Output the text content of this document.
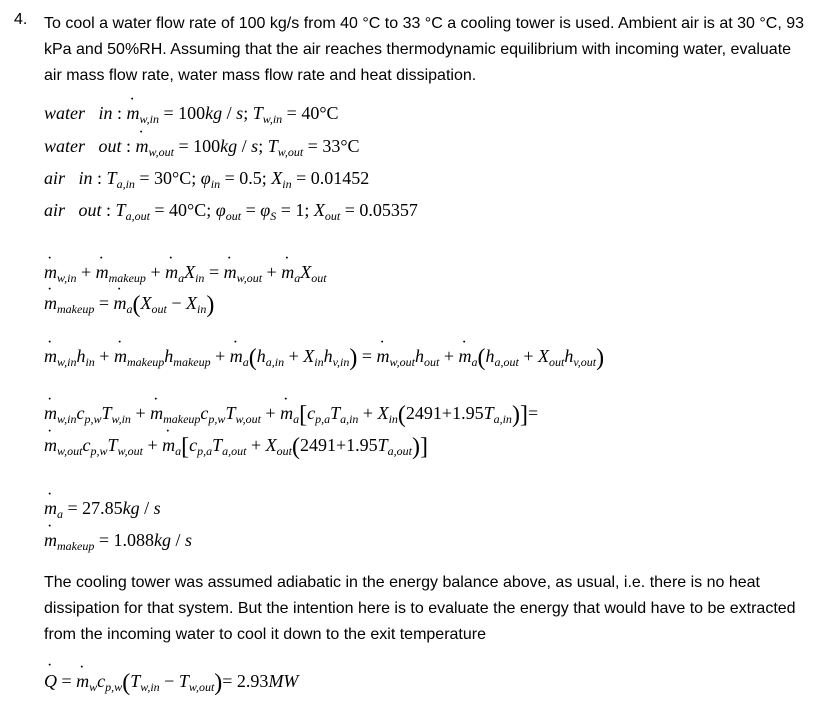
4. To cool a water flow rate of 100 kg/s from 40 °C to 33 °C a cooling tower is used. Ambient air is at 30 °C, 93 kPa and 50%RH. Assuming that the air reaches thermodynamic equilibrium with incoming water, evaluate air mass flow rate, water mass flow rate and heat dissipation.
water in : $m \cdot_{w,in} = 100kg / s$; $T_{w,in} = 40^\circ C$
water out : $m \cdot_{w,out} = 100kg / s$; $T_{w,out} = 33^\circ C$
air in : $T_{a,in} = 30^\circ C$; $\varphi_{in} = 0.5$; $X_{in} = 0.01452$
air out : $T_{a,out} = 40^\circ C$; $\varphi_{out} = \varphi_S = 1$; $X_{out} = 0.05357$
$m \cdot_{w,in} + m \cdot_{makeup} + m \cdot_aX_{in} = m \cdot_{w,out} + m \cdot_aX_{out}$
$m \cdot_{makeup} = m \cdot_a(X_{out} - X_{in})$
$m \cdot_{w,in}h_{in} + m \cdot_{makeup}h_{makeup} + m \cdot_a(h_{a,in} + X_{in}h_{v,in}) = m \cdot_{w,out}h_{out} + m \cdot_a(h_{a,out} + X_{out}h_{v,out})$
$m \cdot_{w,in}c_{p,w}T_{w,in} + m \cdot_{makeup}c_{p,w}T_{w,out} + m \cdot_a[c_{p,a}T_{a,in} + X_{in}(2491+1.95T_{a,in})]=$
$m \cdot_{w,out}c_{p,w}T_{w,out} + m \cdot_a[c_{p,a}T_{a,out} + X_{out}(2491+1.95T_{a,out})]$
$m \cdot_a = 27.85kg / s$
$m \cdot_{makeup} = 1.088kg / s$
The cooling tower was assumed adiabatic in the energy balance above, as usual, i.e. there is no heat dissipation for that system. But the intention here is to evaluate the energy that would have to be extracted from the incoming water to cool it down to the exit temperature
Q · = $m \cdot_wc_{p,w}(T_{w,in} - T_{w,out})= 2.93MW$
